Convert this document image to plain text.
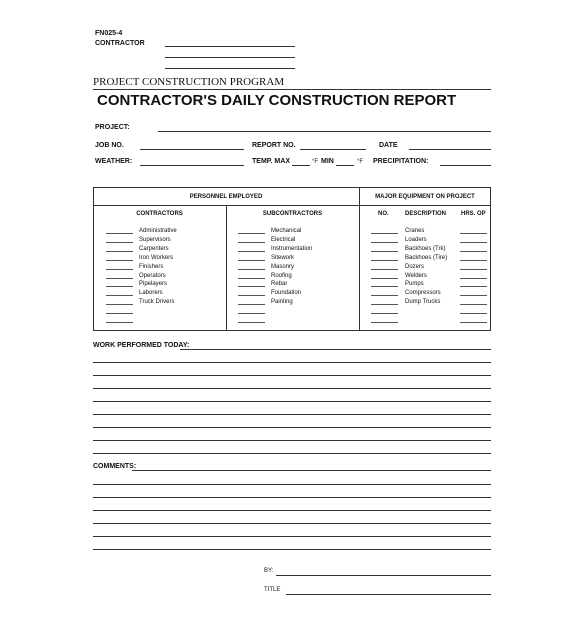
FN025-4
CONTRACTOR
PROJECT CONSTRUCTION PROGRAM
CONTRACTOR'S DAILY CONSTRUCTION REPORT
PROJECT:
JOB NO.	REPORT NO.	DATE
WEATHER:	TEMP. MAX	°F MIN	°F PRECIPITATION:
PERSONNEL EMPLOYED	MAJOR EQUIPMENT ON PROJECT
CONTRACTORS	SUBCONTRACTORS	NO.	DESCRIPTION HRS. OP
Administrative	Mechanical	Cranes
Supervisors	Electrical	Loaders
Carpenters	Instrumentation	Backhoes (Trk)
Iron Workers	Sitework	Backhoes (Tire)
Finishers	Masonry	Dozers
Operators	Roofing	Welders
Pipelayers	Rebar	Pumps
Laborers	Foundation	Compressors
Truck Drivers	Painting	Dump Trucks
WORK PERFORMED TODAY:
COMMENTS:
BY:
TITLE
